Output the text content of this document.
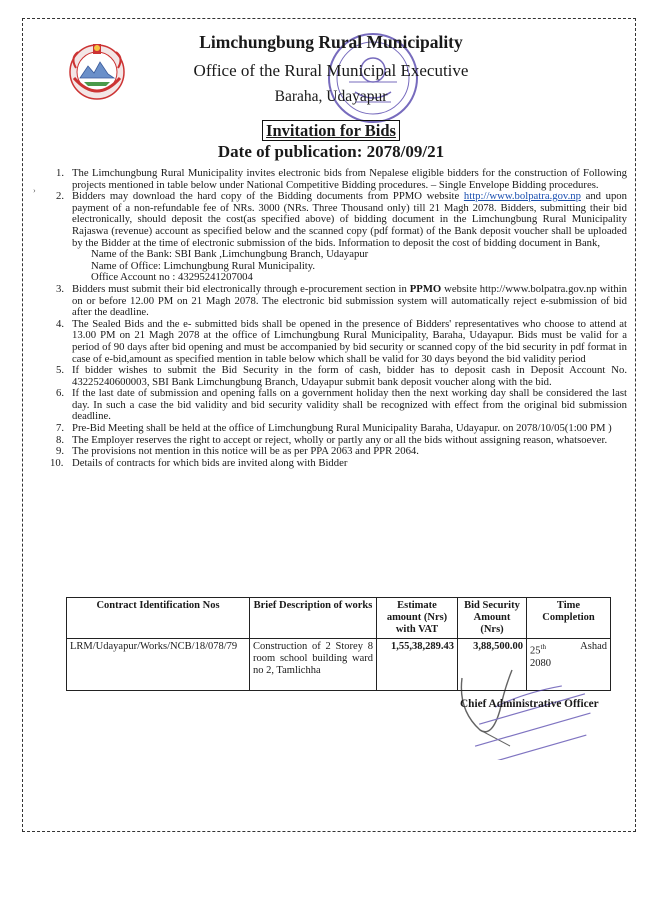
Limchungbung Rural Municipality
Office of the Rural Municipal Executive
Baraha, Udayapur
Invitation for Bids
Date of publication: 2078/09/21
›
1. The Limchungbung Rural Municipality invites electronic bids from Nepalese eligible bidders for the construction of Following projects mentioned in table below under National Competitive Bidding procedures. – Single Envelope Bidding procedures.
2. Bidders may download the hard copy of the Bidding documents from PPMO website http://www.bolpatra.gov.np and upon payment of a non-refundable fee of NRs. 3000 (NRs. Three Thousand only) till 21 Magh 2078. Bidders, submitting their bid electronically, should deposit the cost(as specified above) of bidding document in the Limchungbung Rural Municipality Rajaswa (revenue) account as specified below and the scanned copy (pdf format) of the Bank deposit voucher shall be uploaded by the Bidder at the time of electronic submission of the bids. Information to deposit the cost of bidding document in Bank,
Name of the Bank: SBI Bank ,Limchungbung Branch, Udayapur
Name of Office: Limchungbung Rural Municipality.
Office Account no : 43295241207004
3. Bidders must submit their bid electronically through e-procurement section in PPMO website http://www.bolpatra.gov.np within on or before 12.00 PM on 21 Magh 2078. The electronic bid submission system will automatically reject e-submission of bid after the deadline.
4. The Sealed Bids and the e- submitted bids shall be opened in the presence of Bidders' representatives who choose to attend at 13.00 PM on 21 Magh 2078 at the office of Limchungbung Rural Municipality, Baraha, Udayapur. Bids must be valid for a period of 90 days after bid opening and must be accompanied by bid security or scanned copy of the bid security in pdf format in case of e-bid,amount as specified mention in table below which shall be valid for 30 days beyond the bid validity period
5. If bidder wishes to submit the Bid Security in the form of cash, bidder has to deposit cash in Deposit Account No. 43225240600003, SBI Bank Limchungbung Branch, Udayapur submit bank deposit voucher along with the bid.
6. If the last date of submission and opening falls on a government holiday then the next working day shall be considered the last day. In such a case the bid validity and bid security validity shall be recognized with effect from the original bid submission deadline.
7. Pre-Bid Meeting shall be held at the office of Limchungbung Rural Municipality Baraha, Udayapur. on 2078/10/05(1:00 PM )
8. The Employer reserves the right to accept or reject, wholly or partly any or all the bids without assigning reason, whatsoever.
9. The provisions not mention in this notice will be as per PPA 2063 and PPR 2064.
10. Details of contracts for which bids are invited along with Bidder
Contract Identification Nos	Brief Description of works	Estimate amount (Nrs) with VAT	Bid Security Amount (Nrs)	Time Completion
LRM/Udayapur/Works/NCB/18/078/79	Construction of 2 Storey 8 room school building ward no 2, Tamlichha	1,55,38,289.43	3,88,500.00	25th Ashad
2080
Chief Administrative Officer
